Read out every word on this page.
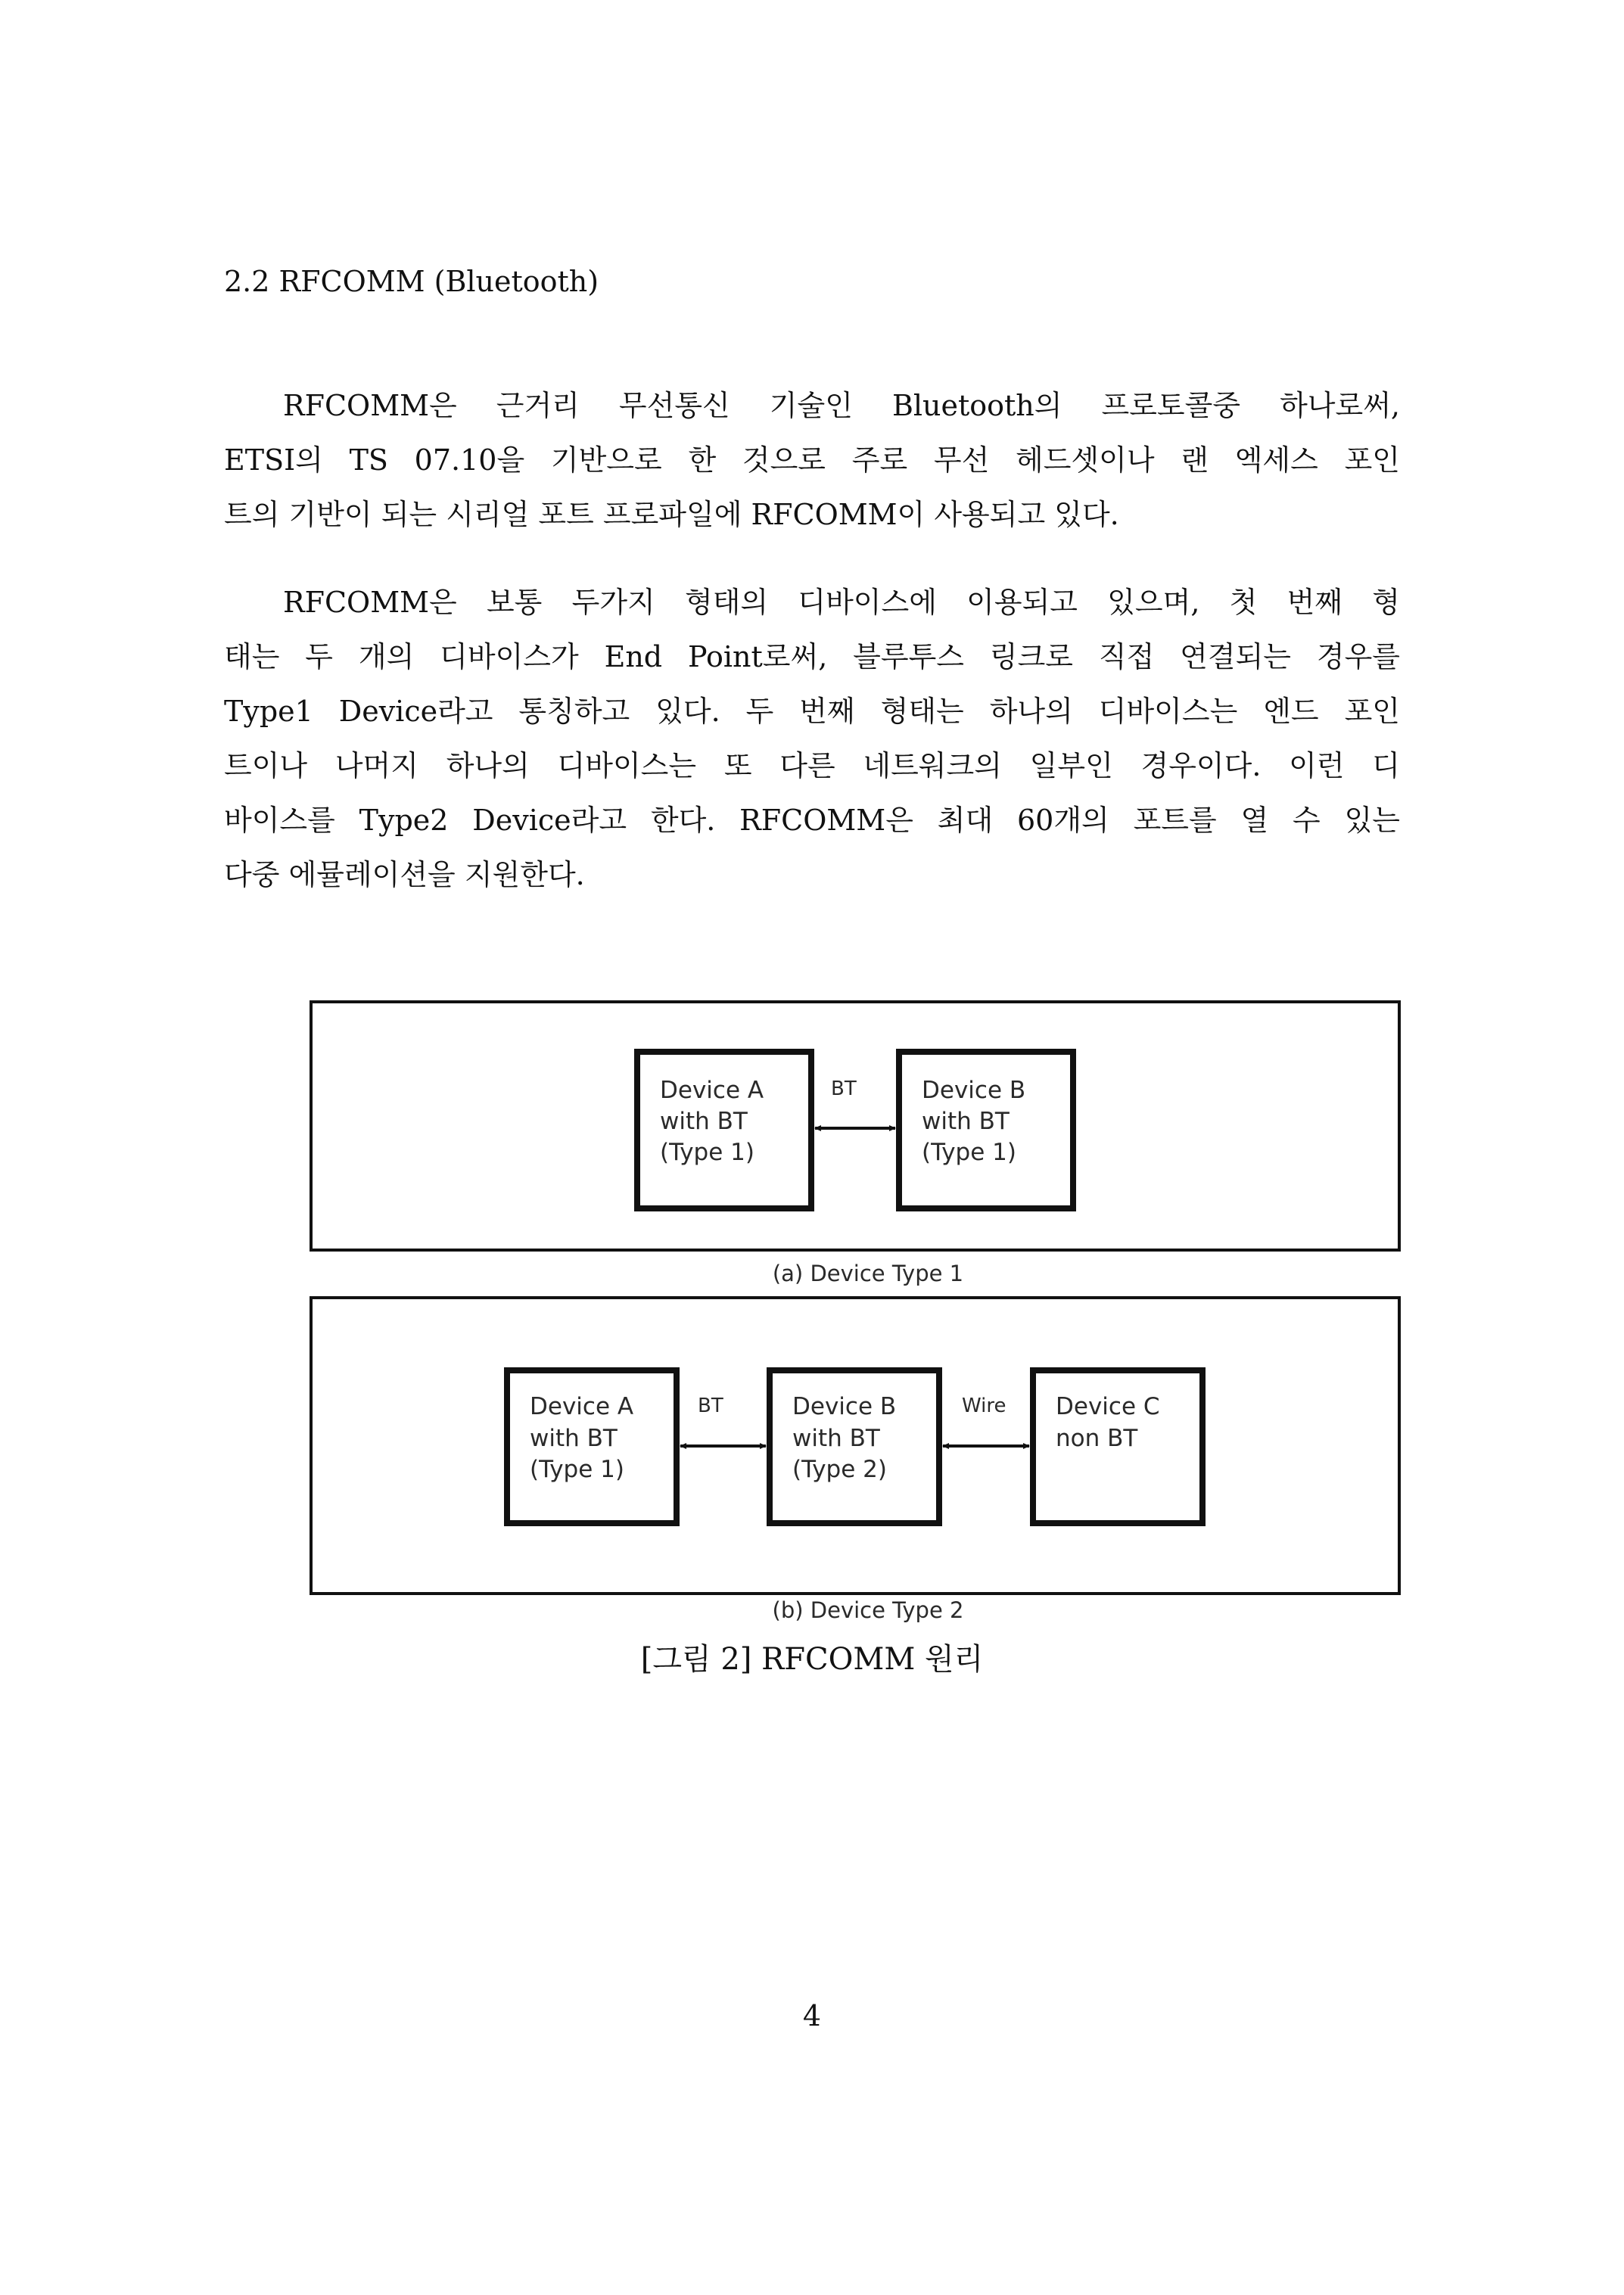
2.2 RFCOMM (Bluetooth)

RFCOMM은 근거리 무선통신 기술인 Bluetooth의 프로토콜중 하나로써,
ETSI의 TS 07.10을 기반으로 한 것으로 주로 무선 헤드셋이나 랜 엑세스 포인
트의 기반이 되는 시리얼 포트 프로파일에 RFCOMM이 사용되고 있다.

RFCOMM은 보통 두가지 형태의 디바이스에 이용되고 있으며, 첫 번째 형
태는 두 개의 디바이스가 End Point로써, 블루투스 링크로 직접 연결되는 경우를
Type1 Device라고 통칭하고 있다. 두 번째 형태는 하나의 디바이스는 엔드 포인
트이나 나머지 하나의 디바이스는 또 다른 네트워크의 일부인 경우이다. 이런 디
바이스를 Type2 Device라고 한다. RFCOMM은 최대 60개의 포트를 열 수 있는
다중 에뮬레이션을 지원한다.

Device A
with BT
(Type 1)
Device B
with BT
(Type 1)
BT
(a) Device Type 1
Device A
with BT
(Type 1)
Device B
with BT
(Type 2)
Device C
non BT
BT	Wire
(b) Device Type 2
[그림 2] RFCOMM 원리
4
